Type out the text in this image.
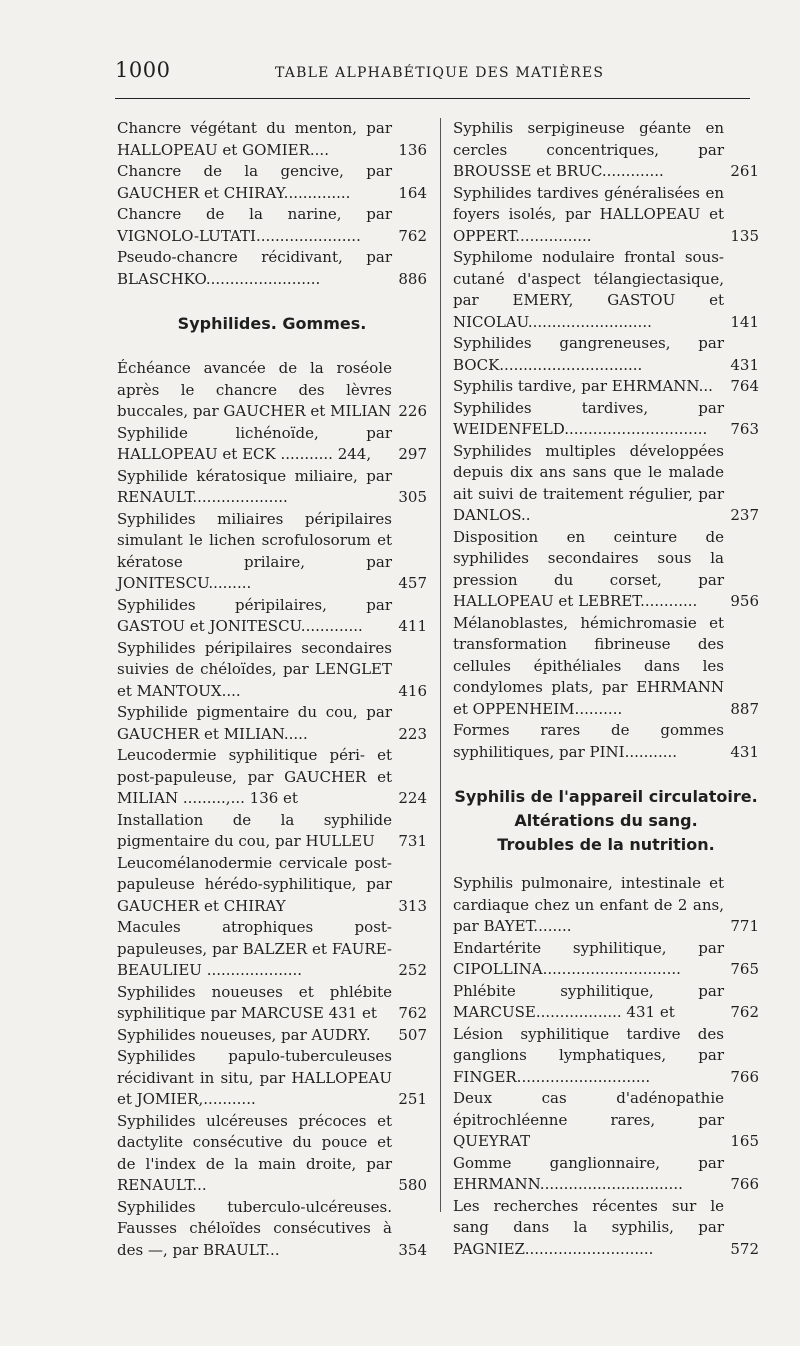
1000	TABLE ALPHABÉTIQUE DES MATIÈRES
Chancre végétant du menton, par HALLOPEAU et GOMIER....	136
Chancre de la gencive, par GAUCHER et CHIRAY..............	164
Chancre de la narine, par VIGNOLO-LUTATI......................	762
Pseudo-chancre récidivant, par BLASCHKO........................	886
Syphilides. Gommes.
Échéance avancée de la roséole après le chancre des lèvres buccales, par GAUCHER et MILIAN 226
Syphilide lichénoïde, par HALLOPEAU et ECK ........... 244,	297
Syphilide kératosique miliaire, par RENAULT....................	305
Syphilides miliaires péripilaires simulant le lichen scrofulosorum et kératose prilaire, par JONITESCU.........	457
Syphilides péripilaires, par GASTOU et JONITESCU.............	411
Syphilides péripilaires secondaires suivies de chéloïdes, par LENGLET et MANTOUX....	416
Syphilide pigmentaire du cou, par GAUCHER et MILIAN.....	223
Leucodermie syphilitique péri- et post-papuleuse, par GAUCHER et MILIAN .........,... 136 et	224
Installation de la syphilide pigmentaire du cou, par HULLEU	731
Leucomélanodermie cervicale post-papuleuse hérédo-syphilitique, par GAUCHER et CHIRAY	313
Macules atrophiques post-papuleuses, par BALZER et FAURE-BEAULIEU ....................	252
Syphilides noueuses et phlébite syphilitique par MARCUSE 431 et	762
Syphilides noueuses, par AUDRY.	507
Syphilides papulo-tuberculeuses récidivant in situ, par HALLOPEAU et JOMIER,...........	251
Syphilides ulcéreuses précoces et dactylite consécutive du pouce et de l'index de la main droite, par RENAULT...	580
Syphilides tuberculo-ulcéreuses. Fausses chéloïdes consécutives à des —, par BRAULT...	354
Syphilis serpigineuse géante en cercles concentriques, par BROUSSE et BRUC.............	261
Syphilides tardives généralisées en foyers isolés, par HALLOPEAU et OPPERT................	135
Syphilome nodulaire frontal sous-cutané d'aspect télangiectasique, par EMERY, GASTOU et NICOLAU..........................	141
Syphilides gangreneuses, par BOCK..............................	431
Syphilis tardive, par EHRMANN...	764
Syphilides tardives, par WEIDENFELD..............................	763
Syphilides multiples développées depuis dix ans sans que le malade ait suivi de traitement régulier, par DANLOS..	237
Disposition en ceinture de syphilides secondaires sous la pression du corset, par HALLOPEAU et LEBRET............	956
Mélanoblastes, hémichromasie et transformation fibrineuse des cellules épithéliales dans les condylomes plats, par EHRMANN et OPPENHEIM..........	887
Formes rares de gommes syphilitiques, par PINI...........	431
Syphilis de l'appareil circulatoire.
Altérations du sang.
Troubles de la nutrition.
Syphilis pulmonaire, intestinale et cardiaque chez un enfant de 2 ans, par BAYET........	771
Endartérite syphilitique, par CIPOLLINA.............................	765
Phlébite syphilitique, par MARCUSE.................. 431 et	762
Lésion syphilitique tardive des ganglions lymphatiques, par FINGER............................	766
Deux cas d'adénopathie épitrochléenne rares, par QUEYRAT	165
Gomme ganglionnaire, par EHRMANN..............................	766
Les recherches récentes sur le sang dans la syphilis, par PAGNIEZ...........................	572
